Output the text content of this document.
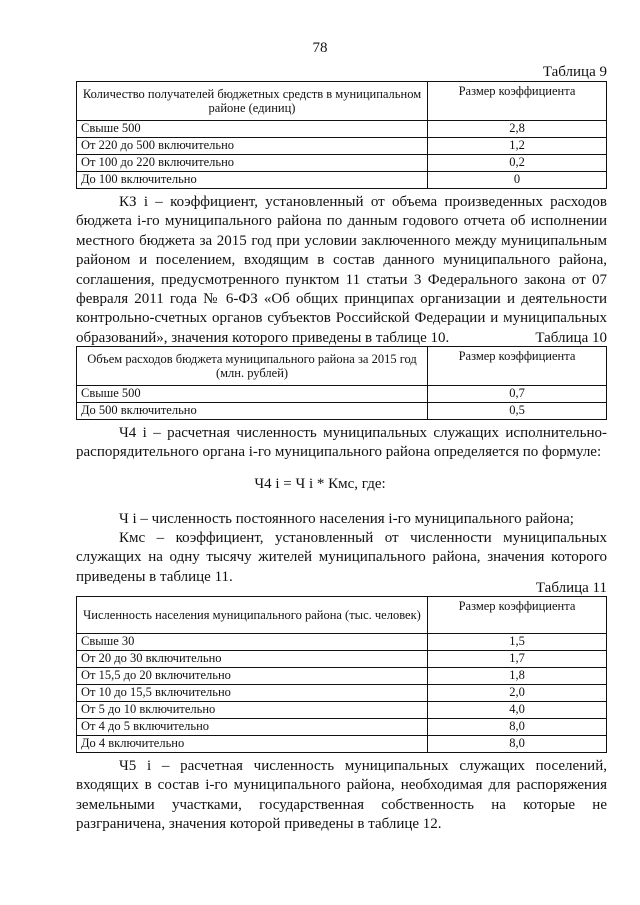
78
Таблица 9
Количество получателей бюджетных средств в муниципальном районе (единиц)	Размер коэффициента
Свыше 500	2,8
От 220 до 500 включительно	1,2
От 100 до 220 включительно	0,2
До 100 включительно	0
КЗ i – коэффициент, установленный от объема произведенных расходов бюджета i-го муниципального района по данным годового отчета об исполнении местного бюджета за 2015 год при условии заключенного между муниципальным районом и поселением, входящим в состав данного муниципального района, соглашения, предусмотренного пунктом 11 статьи 3 Федерального закона от 07 февраля 2011 года № 6-ФЗ «Об общих принципах организации и деятельности контрольно-счетных органов субъектов Российской Федерации и муниципальных образований», значения которого приведены в таблице 10.	Таблица 10
Объем расходов бюджета муниципального района за 2015 год (млн. рублей)	Размер коэффициента
Свыше 500	0,7
До 500 включительно	0,5
Ч4 i – расчетная численность муниципальных служащих исполнительно-распорядительного органа i-го муниципального района определяется по формуле:
Ч4 i = Ч i * Кмс, где:
Ч i – численность постоянного населения i-го муниципального района;
Кмс – коэффициент, установленный от численности муниципальных служащих на одну тысячу жителей муниципального района, значения которого приведены в таблице 11.
Таблица 11
Численность населения муниципального района (тыс. человек)	Размер коэффициента
Свыше 30	1,5
От 20 до 30 включительно	1,7
От 15,5 до 20 включительно	1,8
От 10 до 15,5 включительно	2,0
От 5 до 10 включительно	4,0
От 4 до 5 включительно	8,0
До 4 включительно	8,0
Ч5 i – расчетная численность муниципальных служащих поселений, входящих в состав i-го муниципального района, необходимая для распоряжения земельными участками, государственная собственность на которые не разграничена, значения которой приведены в таблице 12.
